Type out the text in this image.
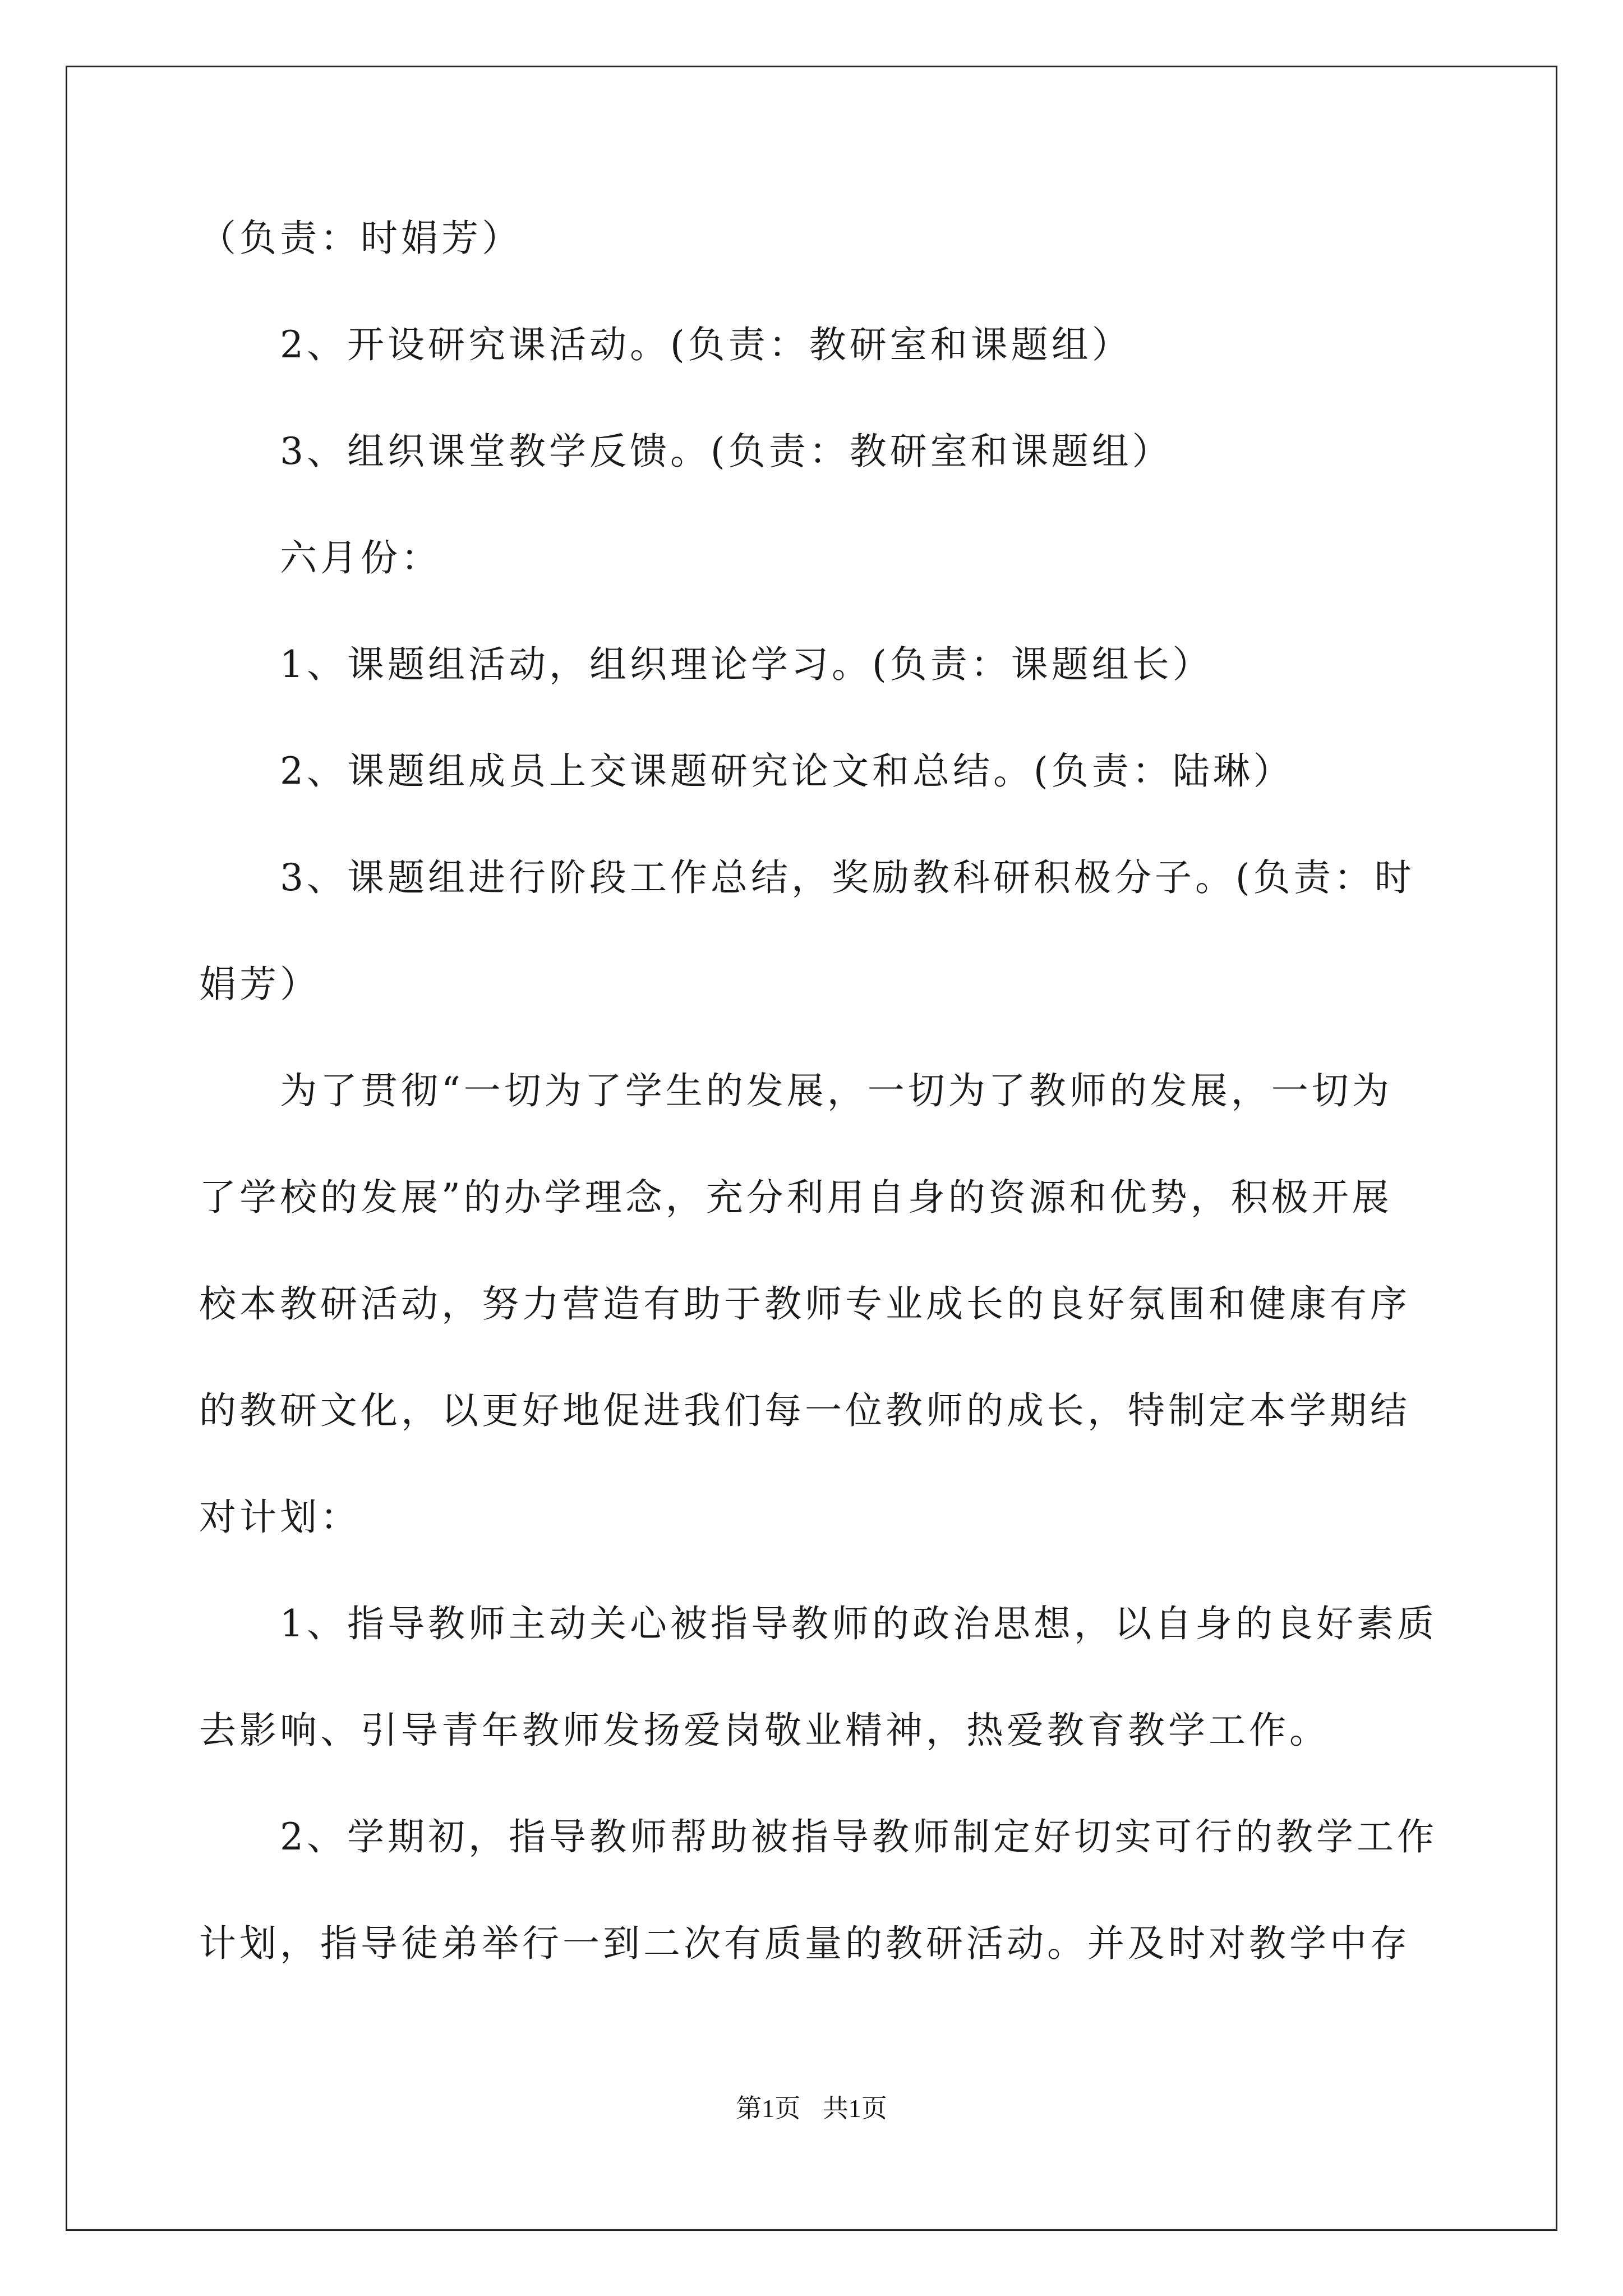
（负责：时娟芳）

　　2、开设研究课活动。(负责：教研室和课题组）

　　3、组织课堂教学反馈。(负责：教研室和课题组）

　　六月份：

　　1、课题组活动，组织理论学习。(负责：课题组长）

　　2、课题组成员上交课题研究论文和总结。(负责：陆琳）

　　3、课题组进行阶段工作总结，奖励教科研积极分子。(负责：时

娟芳）

　　为了贯彻“一切为了学生的发展，一切为了教师的发展，一切为

了学校的发展”的办学理念，充分利用自身的资源和优势，积极开展

校本教研活动，努力营造有助于教师专业成长的良好氛围和健康有序

的教研文化，以更好地促进我们每一位教师的成长，特制定本学期结

对计划：

　　1、指导教师主动关心被指导教师的政治思想，以自身的良好素质

去影响、引导青年教师发扬爱岗敬业精神，热爱教育教学工作。

　　2、学期初，指导教师帮助被指导教师制定好切实可行的教学工作

计划，指导徒弟举行一到二次有质量的教研活动。并及时对教学中存

第1页 共1页
